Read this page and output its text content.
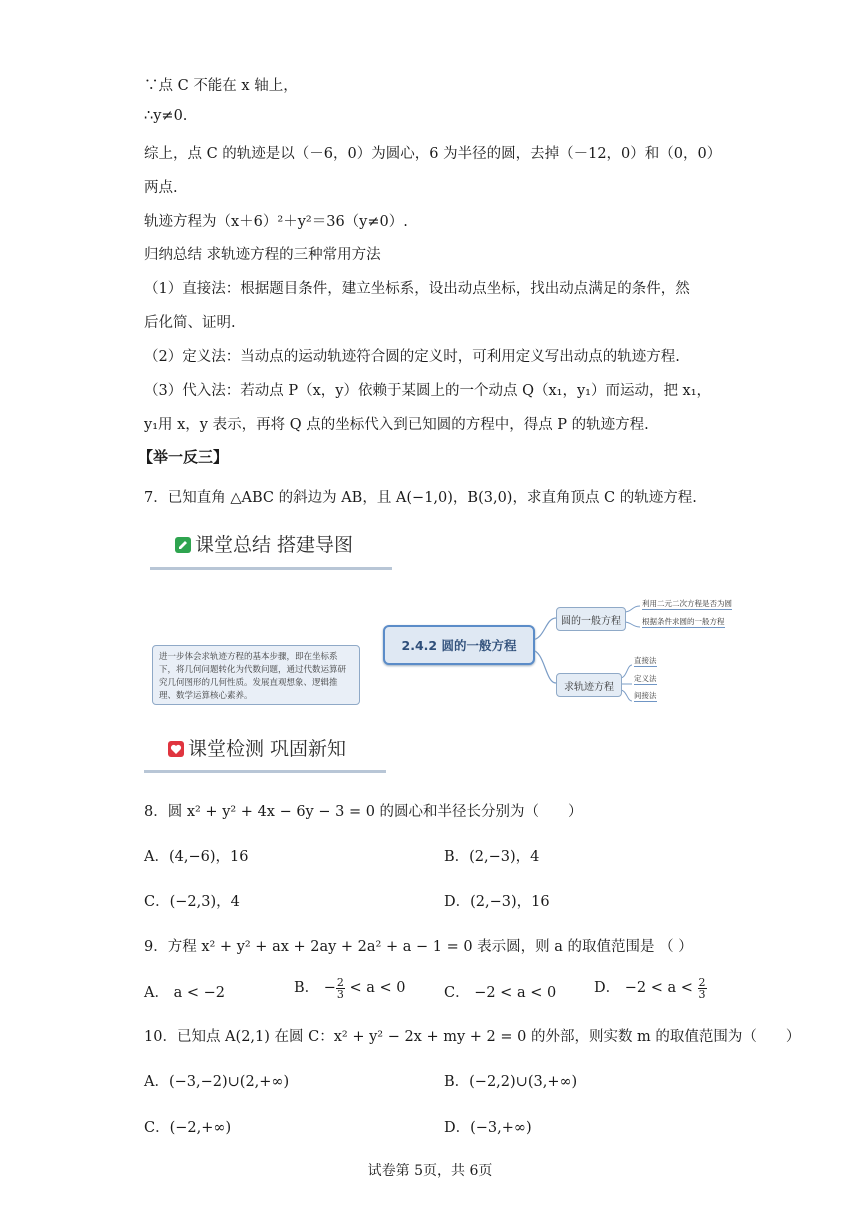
∵点 C 不能在 x 轴上，
∴y≠0.
综上，点 C 的轨迹是以（－6，0）为圆心，6 为半径的圆，去掉（－12，0）和（0，0）
两点.
轨迹方程为（x＋6）²＋y²＝36（y≠0）.
归纳总结 求轨迹方程的三种常用方法
（1）直接法：根据题目条件，建立坐标系，设出动点坐标，找出动点满足的条件，然
后化简、证明.
（2）定义法：当动点的运动轨迹符合圆的定义时，可利用定义写出动点的轨迹方程.
（3）代入法：若动点 P（x，y）依赖于某圆上的一个动点 Q（x₁，y₁）而运动，把 x₁，
y₁用 x，y 表示，再将 Q 点的坐标代入到已知圆的方程中，得点 P 的轨迹方程.
【举一反三】
7．已知直角 △ABC 的斜边为 AB，且 A(−1,0)，B(3,0)，求直角顶点 C 的轨迹方程.
课堂总结 搭建导图
进一步体会求轨迹方程的基本步骤，即在坐标系下，将几何问题转化为代数问题，通过代数运算研究几何图形的几何性质。发展直观想象、逻辑推理、数学运算核心素养。
2.4.2 圆的一般方程
圆的一般方程
求轨迹方程
利用二元二次方程是否为圆
根据条件求圆的一般方程
直接法
定义法
间接法
课堂检测 巩固新知
8．圆 x² + y² + 4x − 6y − 3 = 0 的圆心和半径长分别为（　　）
A．(4,−6)，16	B．(2,−3)，4
C．(−2,3)，4	D．(2,−3)，16
9．方程 x² + y² + ax + 2ay + 2a² + a − 1 = 0 表示圆，则 a 的取值范围是 （ ）
A． a < −2	B． − $\frac{2}{3} < a < 0$	C． −2 < a < 0	D． $-2 < a < \frac{2}{3}$
10．已知点 A(2,1) 在圆 C：x² + y² − 2x + my + 2 = 0 的外部，则实数 m 的取值范围为（　　）
A．(−3,−2)∪(2,+∞)	B．(−2,2)∪(3,+∞)
C．(−2,+∞)	D．(−3,+∞)
试卷第 5页，共 6页
